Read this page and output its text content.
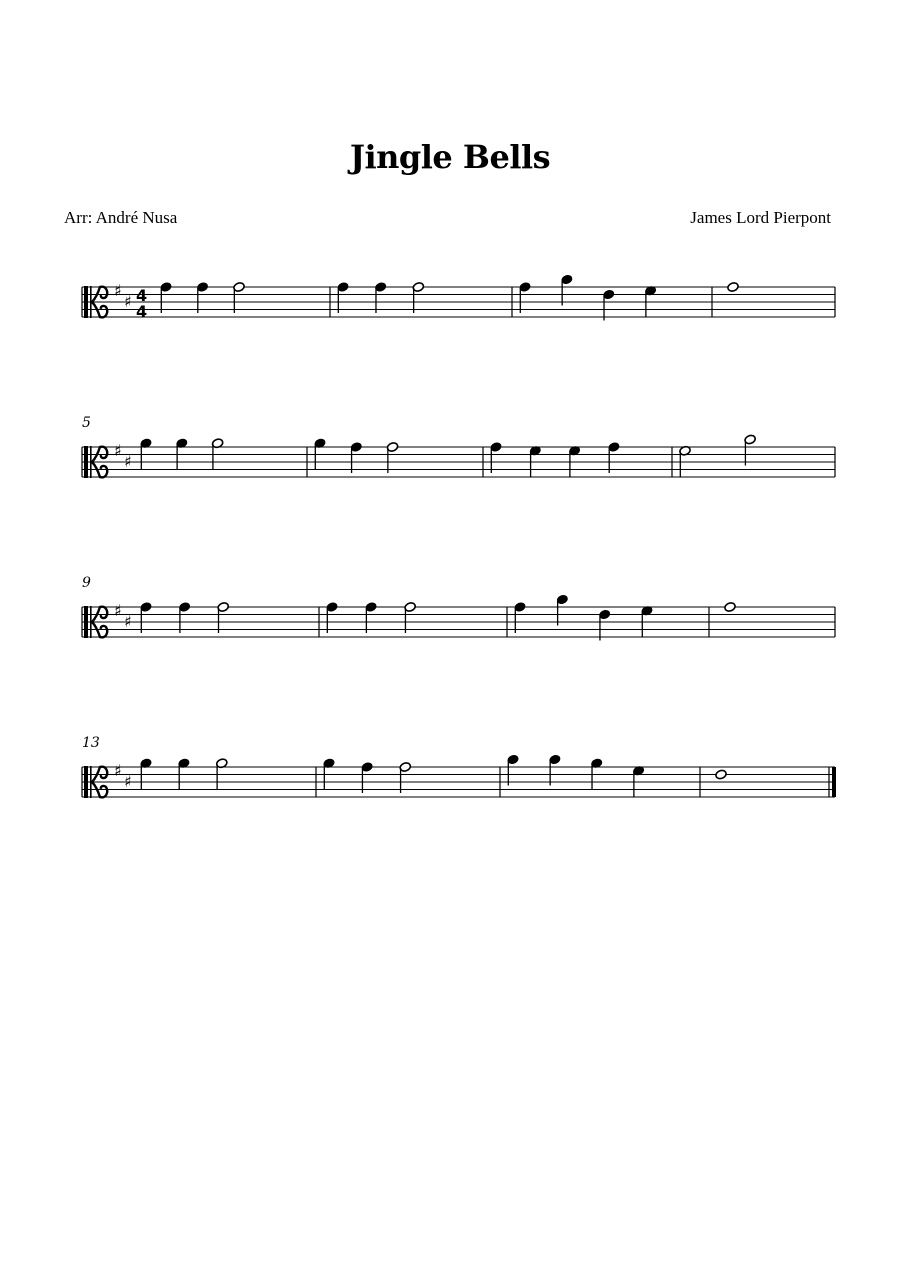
Jingle Bells
Arr: André Nusa	James Lord Pierpont
♯
♯ 4
4
5
♯
♯
9
♯
♯
13
♯
♯
